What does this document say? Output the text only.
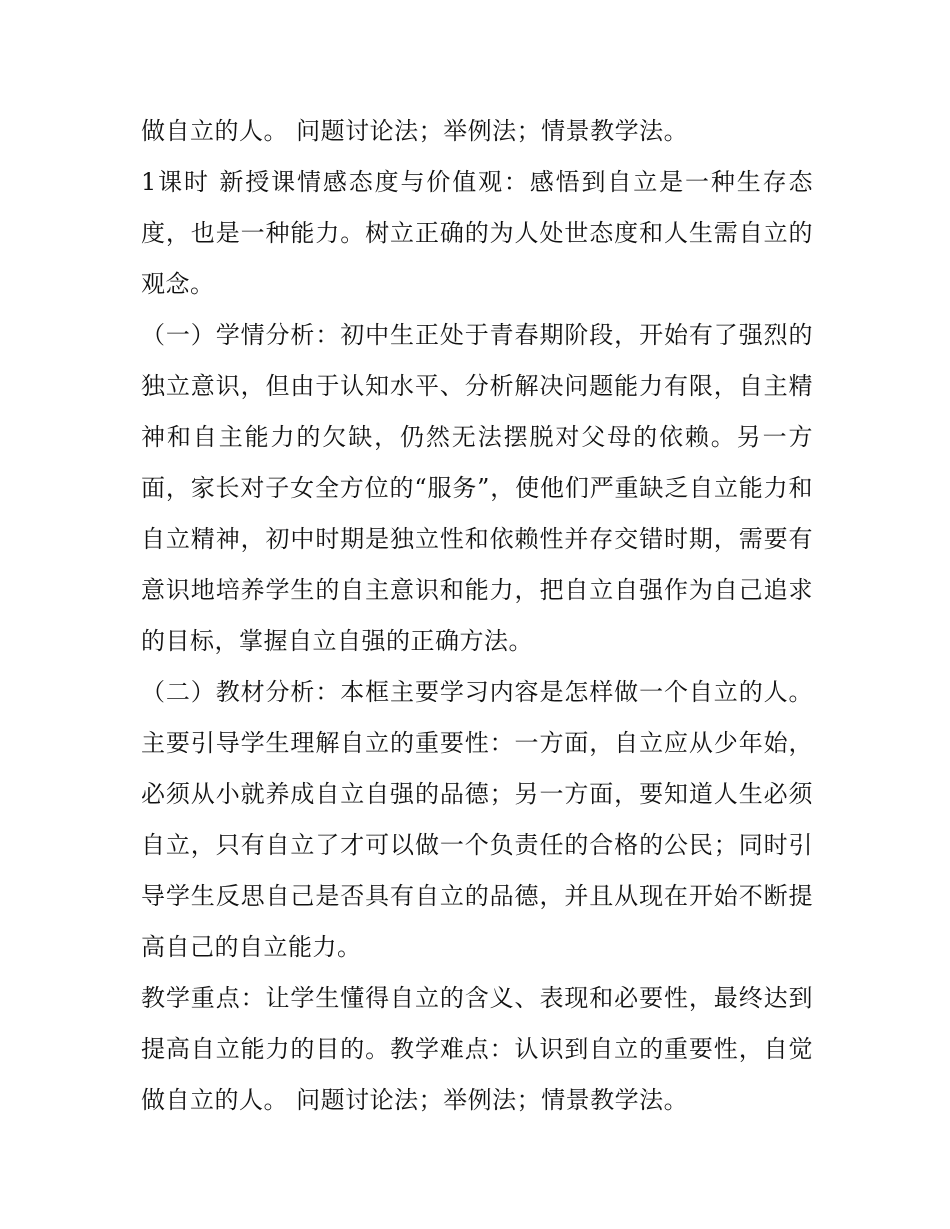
做自立的人。 问题讨论法；举例法；情景教学法。

1课时 新授课情感态度与价值观：感悟到自立是一种生存态度，也是一种能力。树立正确的为人处世态度和人生需自立的观念。

（一）学情分析：初中生正处于青春期阶段，开始有了强烈的独立意识，但由于认知水平、分析解决问题能力有限，自主精神和自主能力的欠缺，仍然无法摆脱对父母的依赖。另一方面，家长对子女全方位的“服务”，使他们严重缺乏自立能力和自立精神，初中时期是独立性和依赖性并存交错时期，需要有意识地培养学生的自主意识和能力，把自立自强作为自己追求的目标，掌握自立自强的正确方法。

（二）教材分析：本框主要学习内容是怎样做一个自立的人。主要引导学生理解自立的重要性：一方面，自立应从少年始，必须从小就养成自立自强的品德；另一方面，要知道人生必须自立，只有自立了才可以做一个负责任的合格的公民；同时引导学生反思自己是否具有自立的品德，并且从现在开始不断提高自己的自立能力。

教学重点：让学生懂得自立的含义、表现和必要性，最终达到提高自立能力的目的。教学难点：认识到自立的重要性，自觉做自立的人。 问题讨论法；举例法；情景教学法。
